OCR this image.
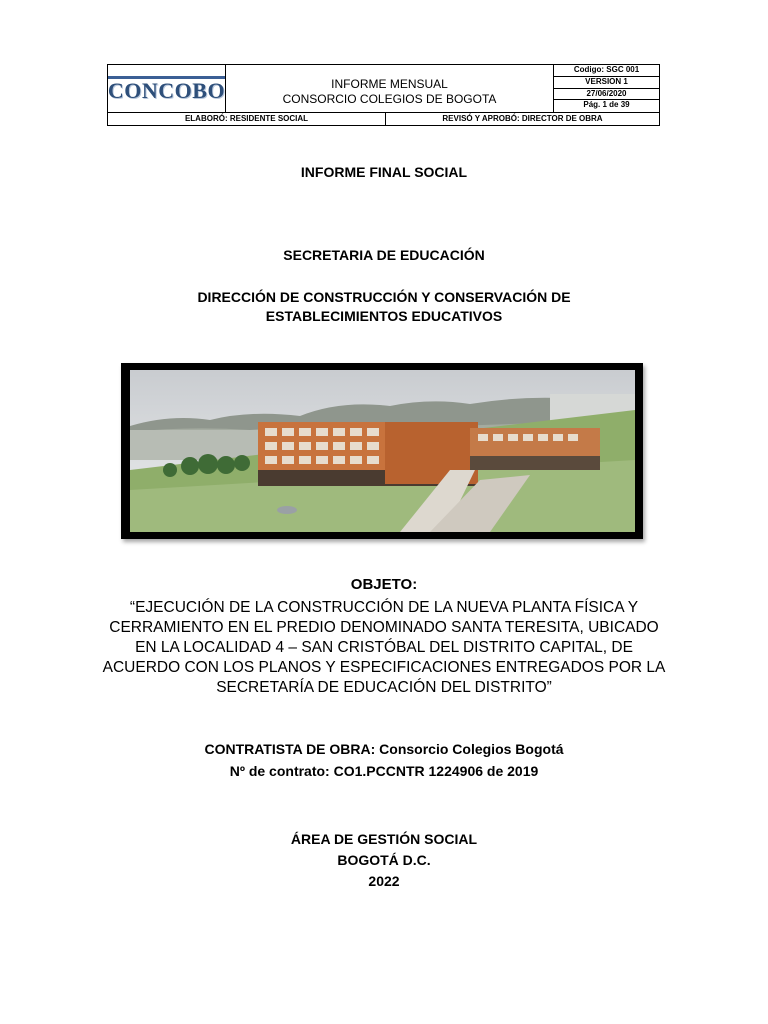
CONCOBO	INFORME MENSUAL
CONSORCIO COLEGIOS DE BOGOTA
Codigo: SGC 001
VERSION 1
27/06/2020
Pág. 1 de 39
ELABORÓ: RESIDENTE SOCIAL	REVISÓ Y APROBÓ: DIRECTOR DE OBRA
INFORME FINAL SOCIAL
SECRETARIA DE EDUCACIÓN
DIRECCIÓN DE CONSTRUCCIÓN Y CONSERVACIÓN DE
ESTABLECIMIENTOS EDUCATIVOS
OBJETO:
“EJECUCIÓN DE LA CONSTRUCCIÓN DE LA NUEVA PLANTA FÍSICA Y
CERRAMIENTO EN EL PREDIO DENOMINADO SANTA TERESITA, UBICADO
EN LA LOCALIDAD 4 – SAN CRISTÓBAL DEL DISTRITO CAPITAL, DE
ACUERDO CON LOS PLANOS Y ESPECIFICACIONES ENTREGADOS POR LA
SECRETARÍA DE EDUCACIÓN DEL DISTRITO”
CONTRATISTA DE OBRA: Consorcio Colegios Bogotá
Nº de contrato: CO1.PCCNTR 1224906 de 2019
ÁREA DE GESTIÓN SOCIAL
BOGOTÁ D.C.
2022
